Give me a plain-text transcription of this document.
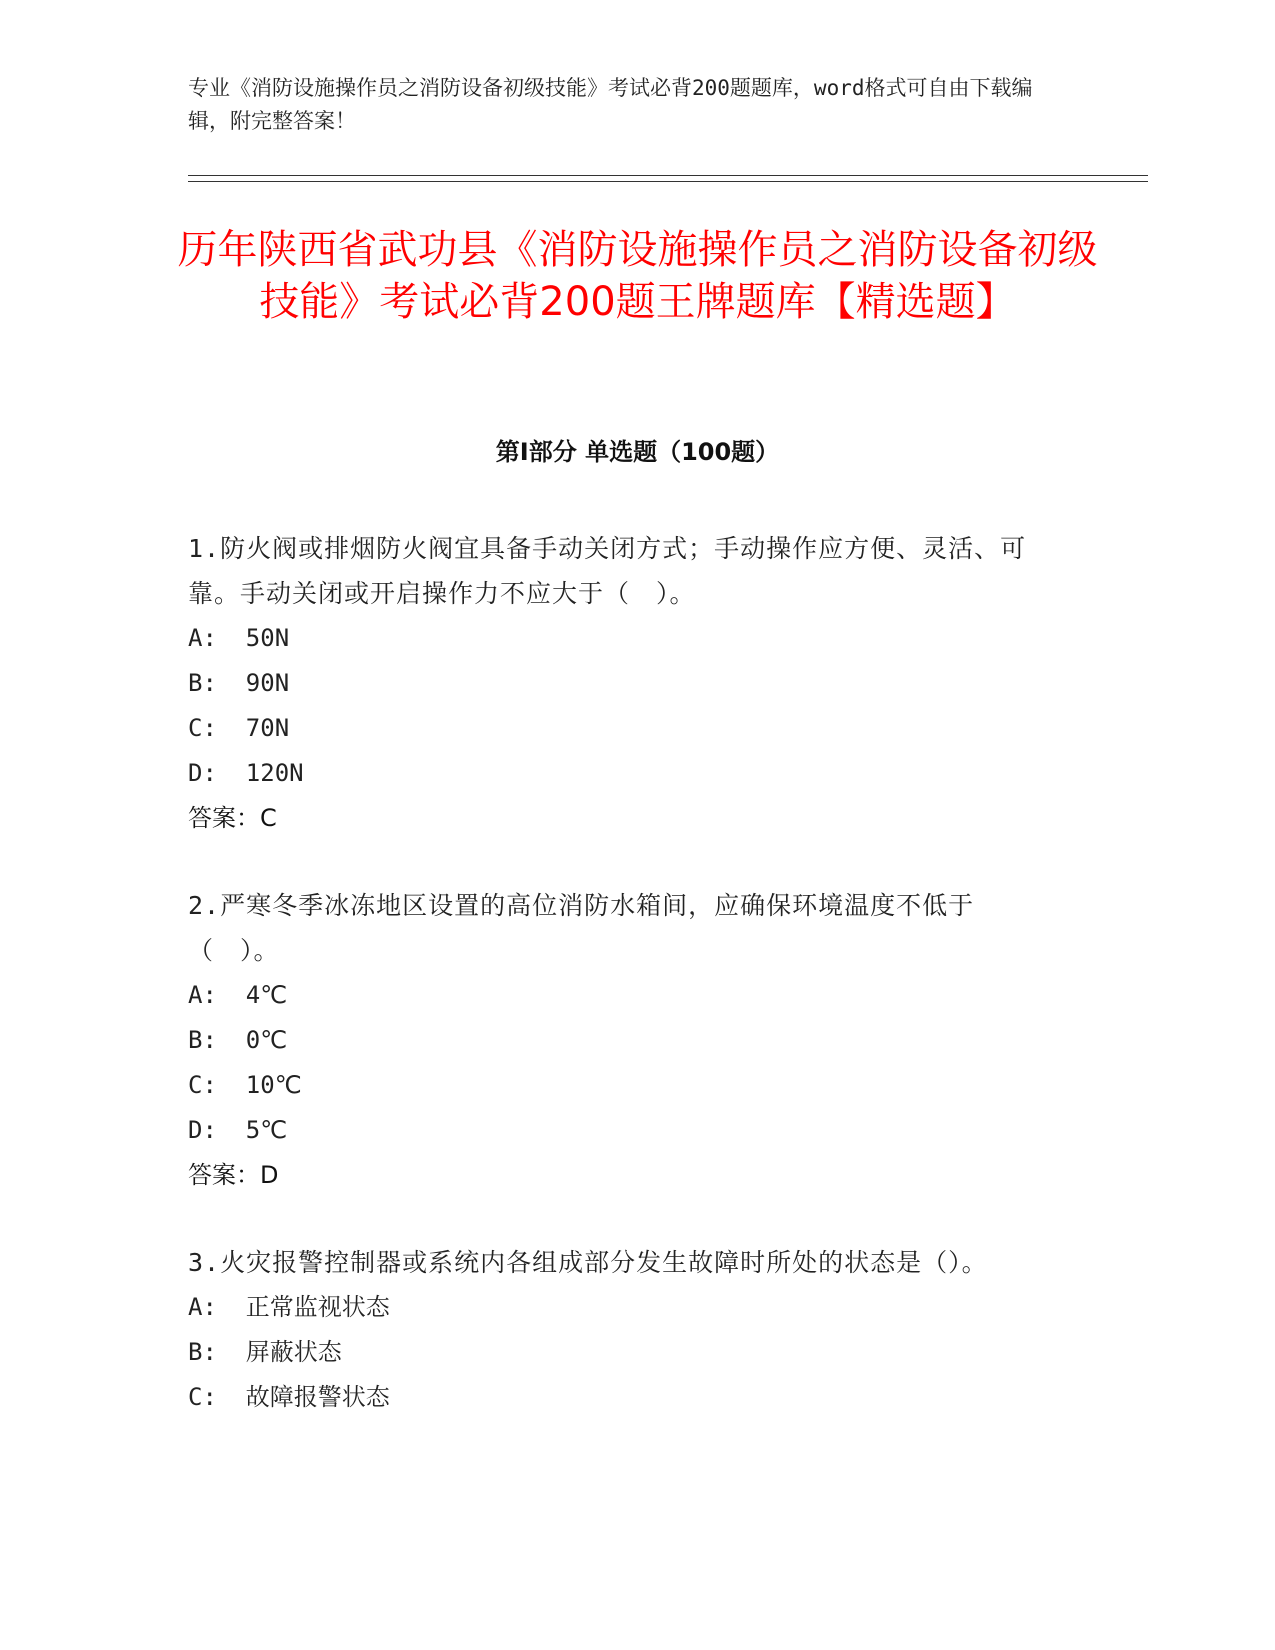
专业《消防设施操作员之消防设备初级技能》考试必背200题题库，word格式可自由下载编辑，附完整答案！
历年陕西省武功县《消防设施操作员之消防设备初级技能》考试必背200题王牌题库【精选题】
第I部分 单选题（100题）
1.防火阀或排烟防火阀宜具备手动关闭方式；手动操作应方便、灵活、可靠。手动关闭或开启操作力不应大于（　）。
A:  50N
B:  90N
C:  70N
D:  120N
答案：C
2.严寒冬季冰冻地区设置的高位消防水箱间，应确保环境温度不低于（　）。
A:  4℃
B:  0℃
C:  10℃
D:  5℃
答案：D
3.火灾报警控制器或系统内各组成部分发生故障时所处的状态是（）。
A:  正常监视状态
B:  屏蔽状态
C:  故障报警状态
